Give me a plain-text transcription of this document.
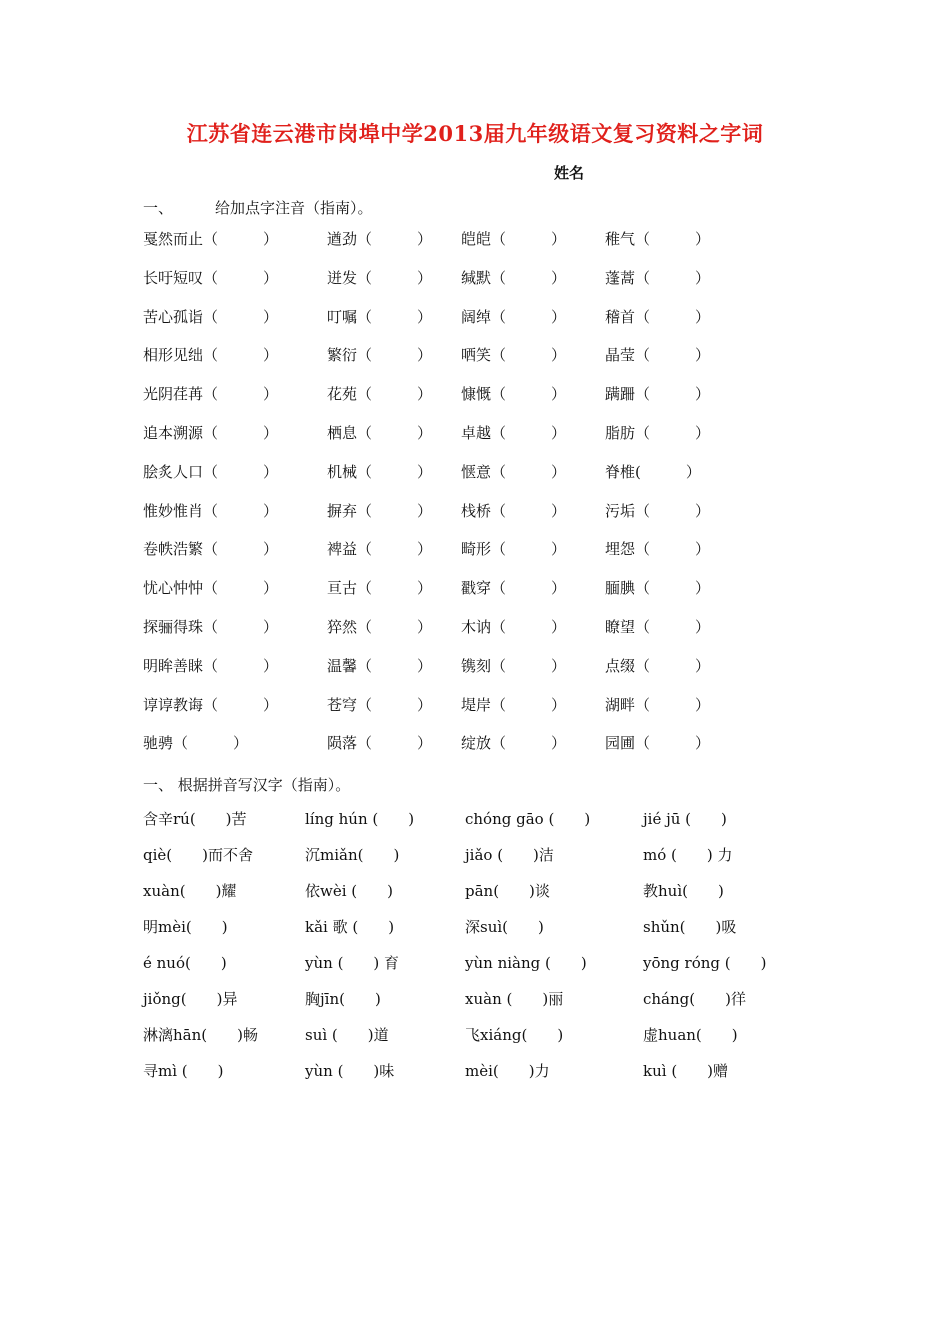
江苏省连云港市岗埠中学2013届九年级语文复习资料之字词
姓名
一、	给加点字注音（指南）。
戛然而止（　　　）	遒劲（　　　） 皑皑（　　　）	稚气（　　　）
长吁短叹（　　　）	迸发（　　　） 缄默（　　　）	蓬蒿（　　　）
苦心孤诣（　　　）	叮嘱（　　　） 阔绰（　　　）	稽首（　　　）
相形见绌（　　　）	繁衍（　　　） 哂笑（　　　）	晶莹（　　　）
光阴荏苒（　　　）	花苑（　　　） 慷慨（　　　）	蹒跚（　　　）
追本溯源（　　　）	栖息（　　　） 卓越（　　　）	脂肪（　　　）
脍炙人口（　　　）	机械（　　　） 惬意（　　　）	脊椎(　　　）
惟妙惟肖（　　　）	摒弃（　　　） 栈桥（　　　）	污垢（　　　）
卷帙浩繁（　　　）	裨益（　　　） 畸形（　　　）	埋怨（　　　）
忧心忡忡（　　　）	亘古（　　　） 戳穿（　　　）	腼腆（　　　）
探骊得珠（　　　）	猝然（　　　） 木讷（　　　）	瞭望（　　　）
明眸善睐（　　　）	温馨（　　　） 镌刻（　　　）	点缀（　　　）
谆谆教诲（　　　）	苍穹（　　　） 堤岸（　　　）	湖畔（　　　）
驰骋（　　　）	陨落（　　　） 绽放（　　　）	园圃（　　　）
一、 根据拼音写汉字（指南）。
含辛rú(　　)苦	líng hún (　　)	chóng gāo (　　)	jié jū (　　)
qiè(　　)而不舍	沉miǎn(　　)	jiǎo (　　)洁	mó (　　) 力
xuàn(　　)耀	依wèi (　　)	pān(　　)谈	教huì(　　)
明mèi(　　)	kǎi 歌 (　　)	深suì(　　)	shǔn(　　)吸
é nuó(　　)	yùn (　　) 育	yùn niàng (　　)	yōng róng (　　)
jiǒng(　　)异	胸jīn(　　)	xuàn (　　)丽	cháng(　　)徉
淋漓hān(　　)畅	suì (　　)道	飞xiáng(　　)	虚huan(　　)
寻mì (　　)	yùn (　　)味	mèi(　　)力	kuì (　　)赠
